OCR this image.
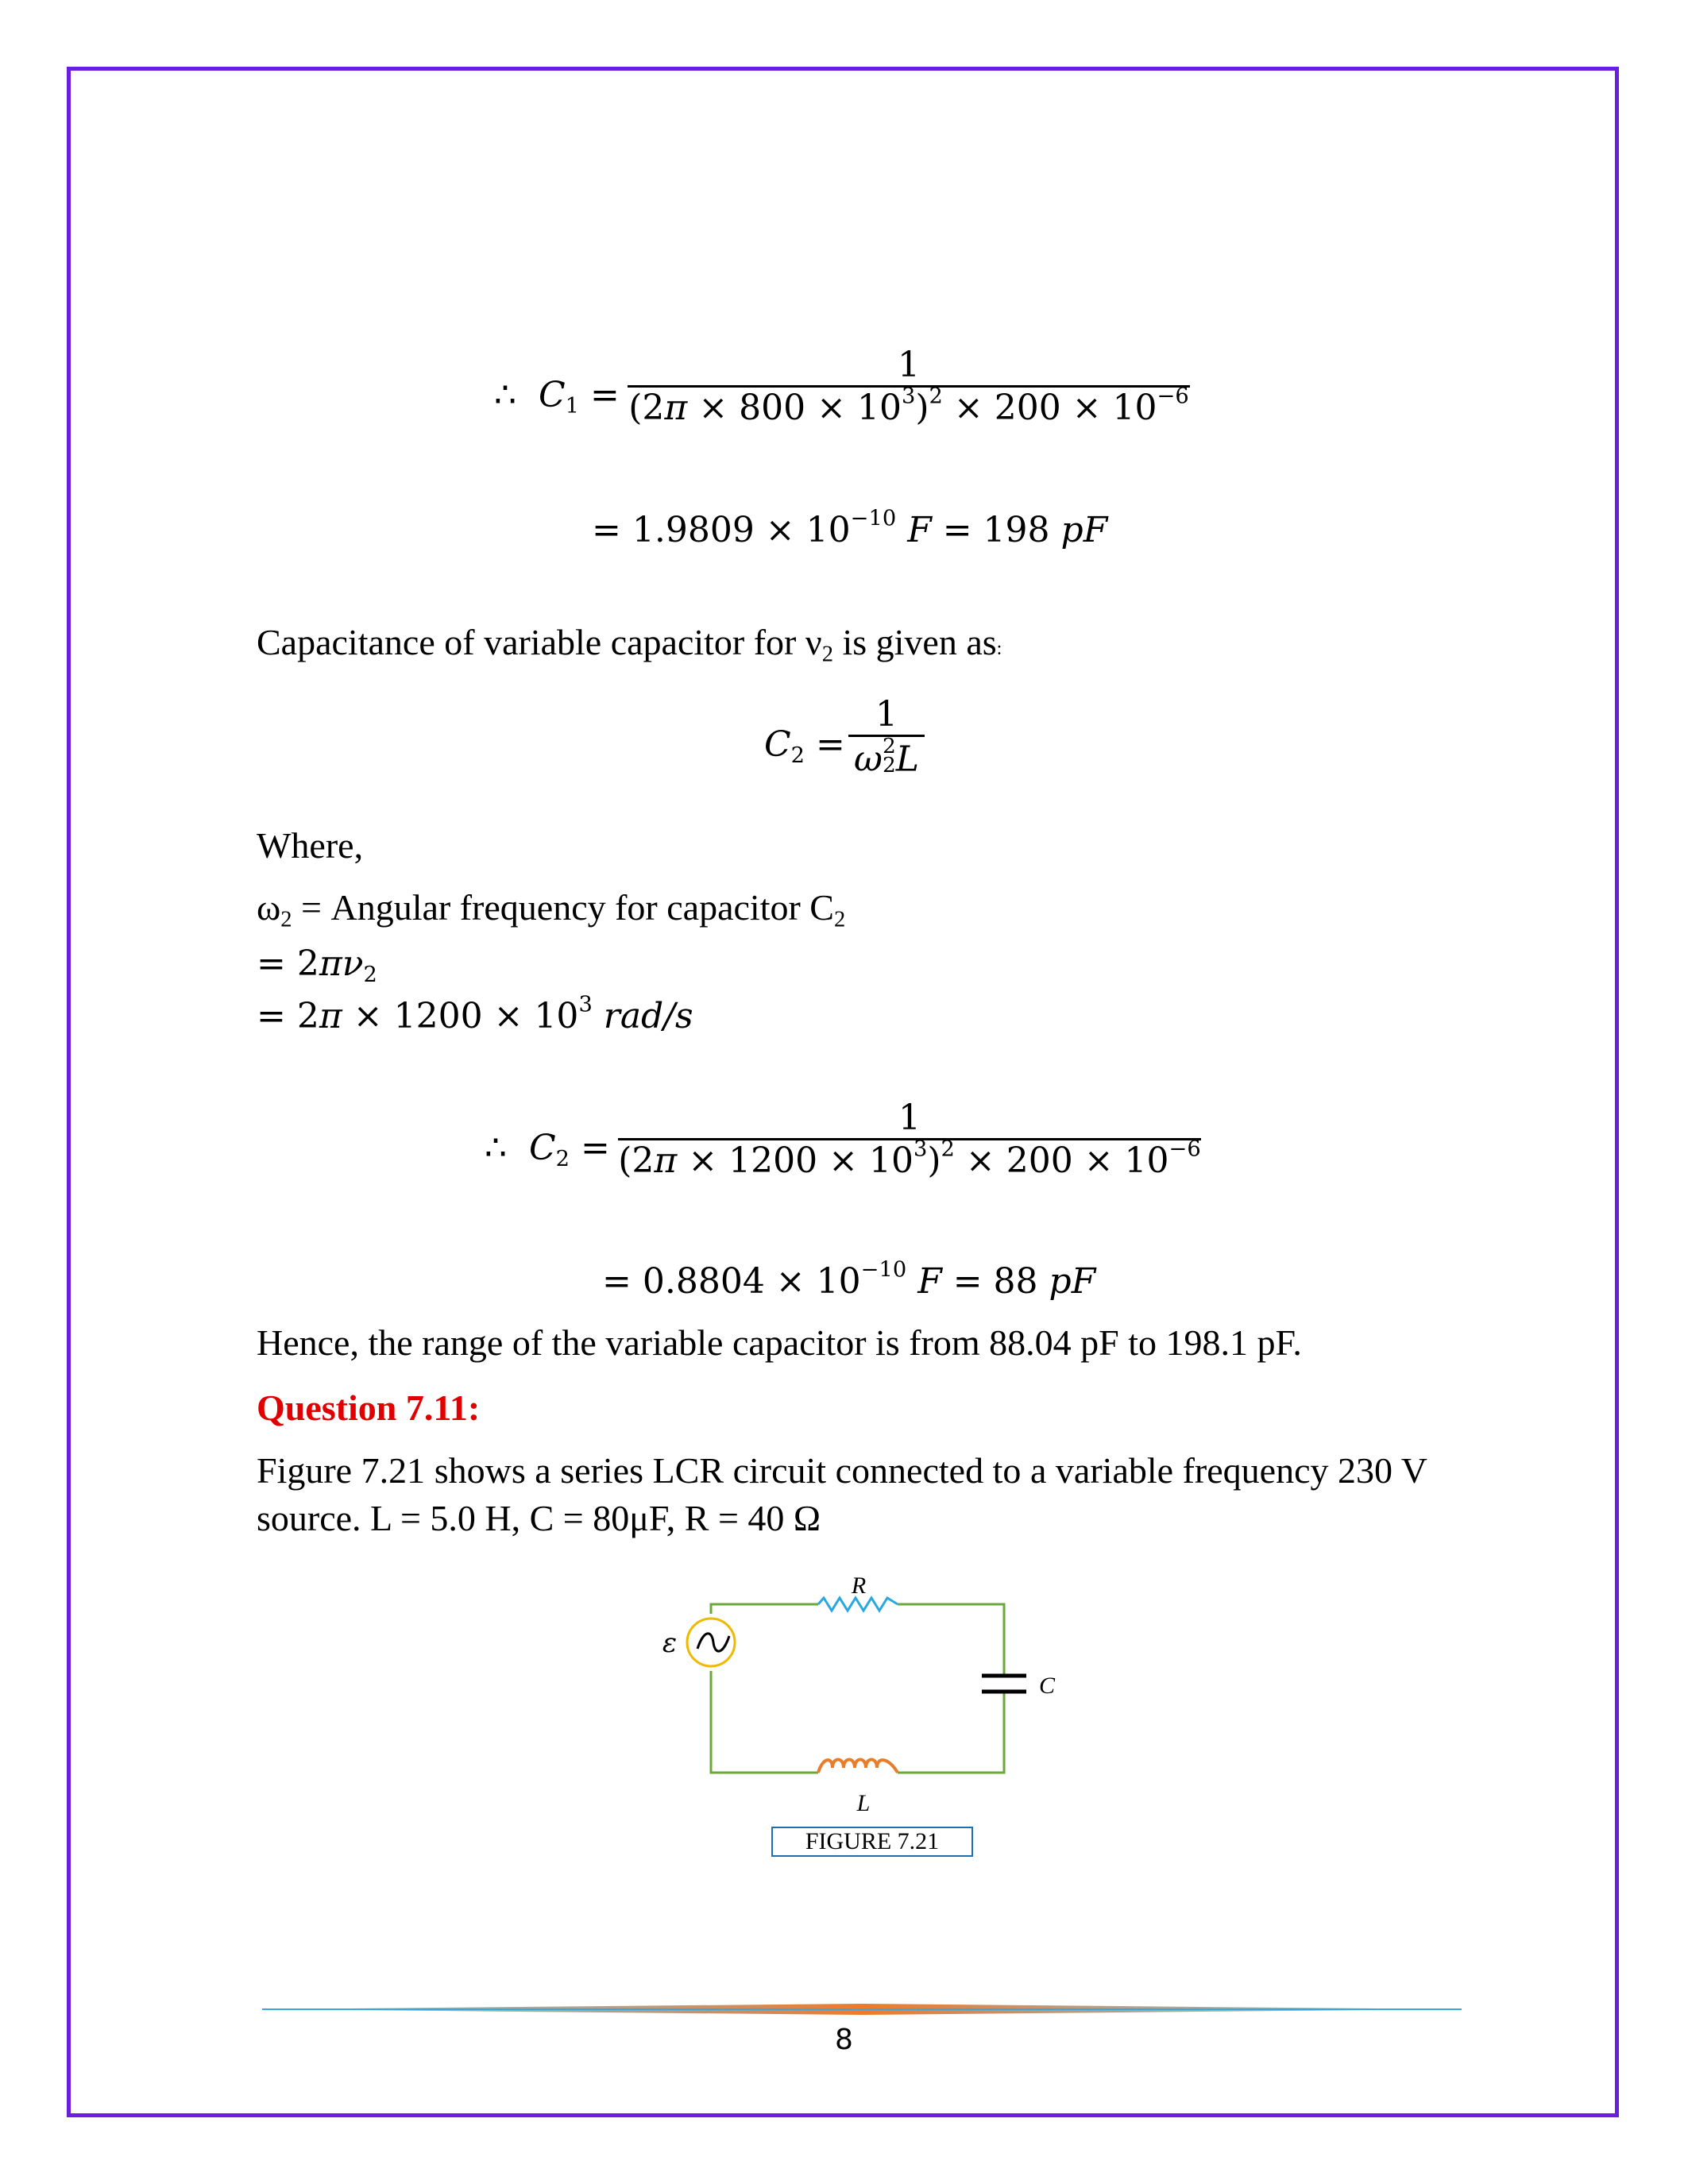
∴ $C_1$ =
1
$(2\pi \times 800 \times 10^3)^2 \times 200 \times 10^{-6}$
= $1.9809 \times 10^{-10}$ F = 198 pF
Capacitance of variable capacitor for $\nu_2$ is given as:
$C_2$ =
1
ω 2
2 L
Where,
$\omega_2$ = Angular frequency for capacitor $C_2$
= $2\pi\nu_2$
= $2\pi \times 1200 \times 10^3$ rad/s
∴ $C_2$ =
1
$(2\pi \times 1200 \times 10^3)^2 \times 200 \times 10^{-6}$
= $0.8804 \times 10^{-10}$ F = 88 pF
Hence, the range of the variable capacitor is from 88.04 pF to 198.1 pF.
Question 7.11:
Figure 7.21 shows a series LCR circuit connected to a variable frequency 230 V source. L = 5.0 H, C = 80μF, R = 40 Ω
R
C
L
ε
FIGURE 7.21
8
